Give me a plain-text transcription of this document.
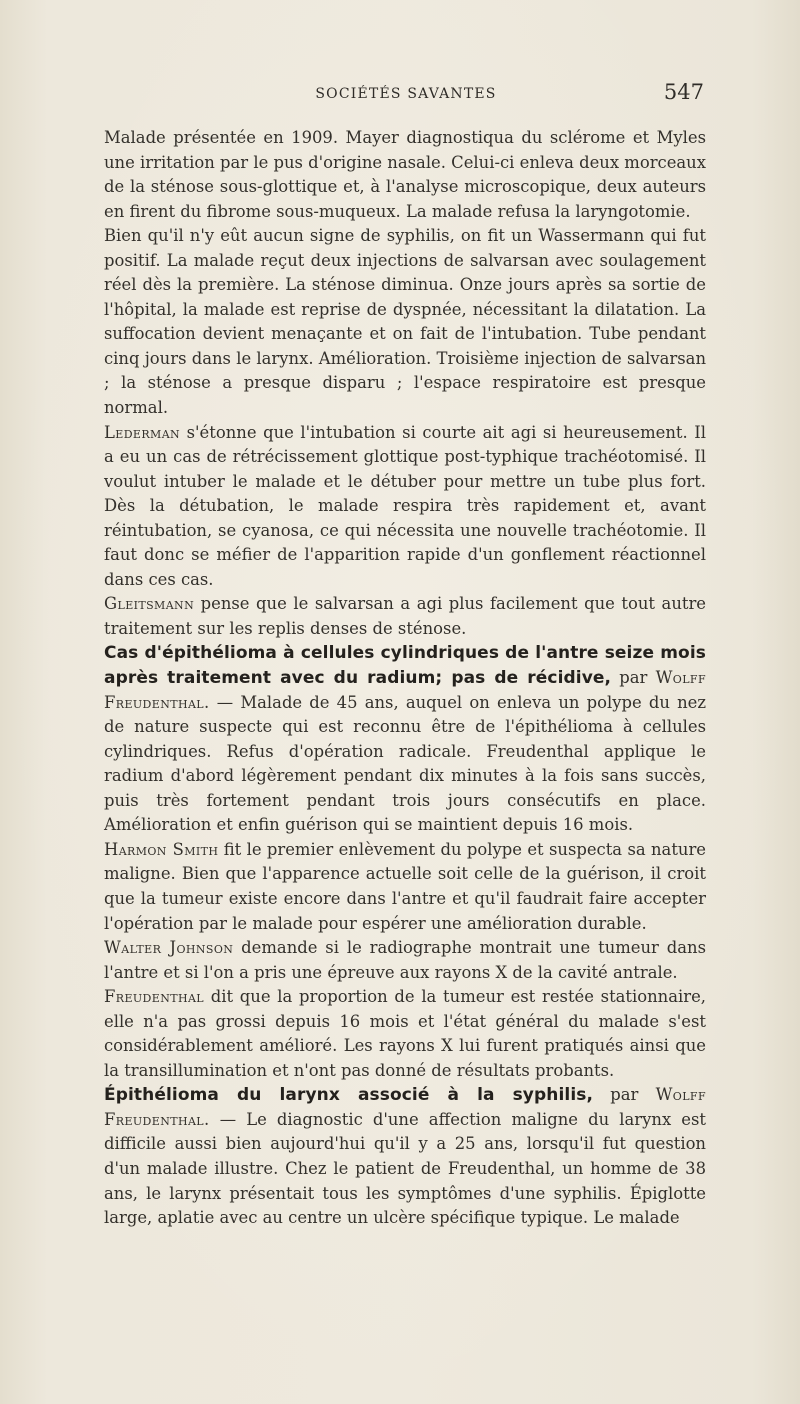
SOCIÉTÉS SAVANTES	547

Malade présentée en 1909. Mayer diagnostiqua du sclérome et Myles une irritation par le pus d'origine nasale. Celui-ci enleva deux morceaux de la sténose sous-glottique et, à l'analyse microscopique, deux auteurs en firent du fibrome sous-muqueux. La malade refusa la laryngotomie.

Bien qu'il n'y eût aucun signe de syphilis, on fit un Wassermann qui fut positif. La malade reçut deux injections de salvarsan avec soulagement réel dès la première. La sténose diminua. Onze jours après sa sortie de l'hôpital, la malade est reprise de dyspnée, nécessitant la dilatation. La suffocation devient menaçante et on fait de l'intubation. Tube pendant cinq jours dans le larynx. Amélioration. Troisième injection de salvarsan ; la sténose a presque disparu ; l'espace respiratoire est presque normal.

Lederman s'étonne que l'intubation si courte ait agi si heureusement. Il a eu un cas de rétrécissement glottique post-typhique trachéotomisé. Il voulut intuber le malade et le détuber pour mettre un tube plus fort. Dès la détubation, le malade respira très rapidement et, avant réintubation, se cyanosa, ce qui nécessita une nouvelle trachéotomie. Il faut donc se méfier de l'apparition rapide d'un gonflement réactionnel dans ces cas.

Gleitsmann pense que le salvarsan a agi plus facilement que tout autre traitement sur les replis denses de sténose.

Cas d'épithélioma à cellules cylindriques de l'antre seize mois après traitement avec du radium; pas de récidive, par Wolff Freudenthal. — Malade de 45 ans, auquel on enleva un polype du nez de nature suspecte qui est reconnu être de l'épithélioma à cellules cylindriques. Refus d'opération radicale. Freudenthal applique le radium d'abord légèrement pendant dix minutes à la fois sans succès, puis très fortement pendant trois jours consécutifs en place. Amélioration et enfin guérison qui se maintient depuis 16 mois.

Harmon Smith fit le premier enlèvement du polype et suspecta sa nature maligne. Bien que l'apparence actuelle soit celle de la guérison, il croit que la tumeur existe encore dans l'antre et qu'il faudrait faire accepter l'opération par le malade pour espérer une amélioration durable.

Walter Johnson demande si le radiographe montrait une tumeur dans l'antre et si l'on a pris une épreuve aux rayons X de la cavité antrale.

Freudenthal dit que la proportion de la tumeur est restée stationnaire, elle n'a pas grossi depuis 16 mois et l'état général du malade s'est considérablement amélioré. Les rayons X lui furent pratiqués ainsi que la transillumination et n'ont pas donné de résultats probants.

Épithélioma du larynx associé à la syphilis, par Wolff Freudenthal. — Le diagnostic d'une affection maligne du larynx est difficile aussi bien aujourd'hui qu'il y a 25 ans, lorsqu'il fut question d'un malade illustre. Chez le patient de Freudenthal, un homme de 38 ans, le larynx présentait tous les symptômes d'une syphilis. Épiglotte large, aplatie avec au centre un ulcère spécifique typique. Le malade
